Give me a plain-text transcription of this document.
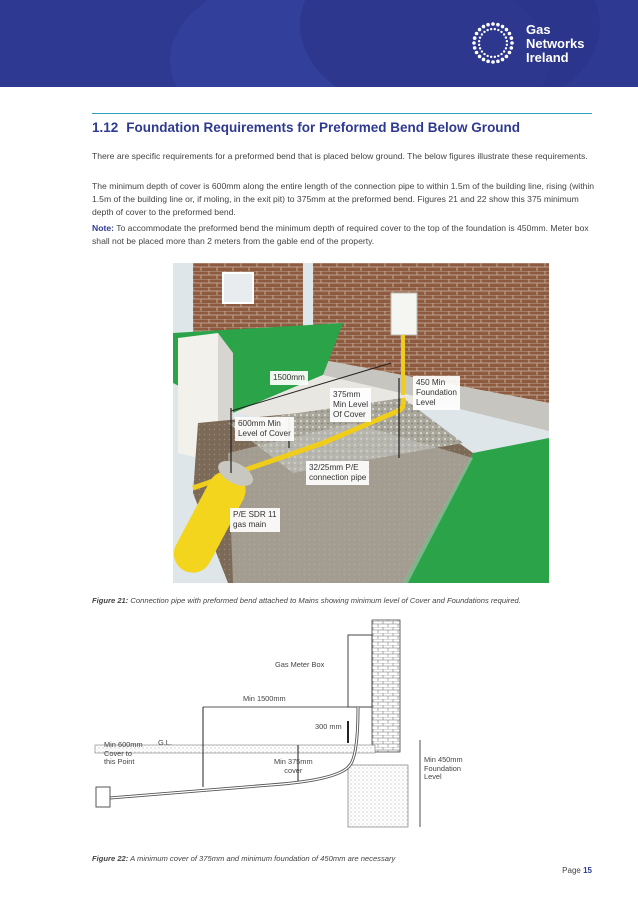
Gas
Networks
Ireland
1.12 Foundation Requirements for Preformed Bend Below Ground

There are specific requirements for a preformed bend that is placed below ground. The below figures illustrate these requirements.

The minimum depth of cover is 600mm along the entire length of the connection pipe to within 1.5m of the building line, rising (within 1.5m of the building line or, if moling, in the exit pit) to 375mm at the preformed bend. Figures 21 and 22 show this 375 minimum depth of cover to the preformed bend.

Note: To accommodate the preformed bend the minimum depth of required cover to the top of the foundation is 450mm. Meter box shall not be placed more than 2 meters from the gable end of the property.

1500mm
375mm
Min Level
Of Cover
450 Min
Foundation
Level
600mm Min
Level of Cover
32/25mm P/E
connection pipe
P/E SDR 11
gas main
Figure 21: Connection pipe with preformed bend attached to Mains showing minimum level of Cover and Foundations required.
Gas Meter Box
Min 1500mm
300 mm
G.L.
Min 600mm
Cover to
this Point	Min 375mm
cover
Min 450mm
Foundation
Level
Figure 22: A minimum cover of 375mm and minimum foundation of 450mm are necessary
Page 15
